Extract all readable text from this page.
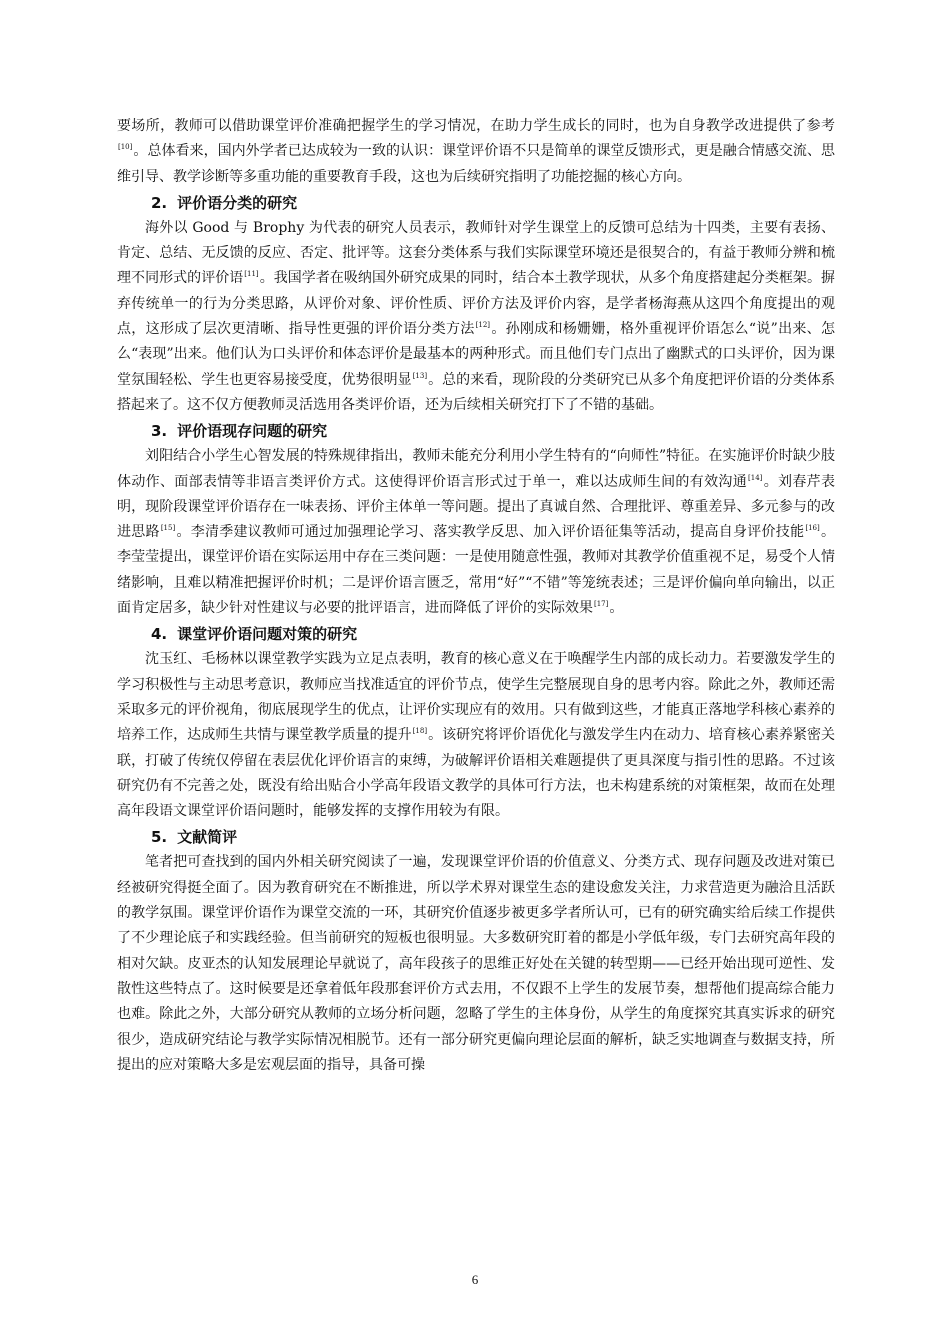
要场所，教师可以借助课堂评价准确把握学生的学习情况，在助力学生成长的同时，也为自身教学改进提供了参考[10]。总体看来，国内外学者已达成较为一致的认识：课堂评价语不只是简单的课堂反馈形式，更是融合情感交流、思维引导、教学诊断等多重功能的重要教育手段，这也为后续研究指明了功能挖掘的核心方向。

2. 评价语分类的研究

海外以 Good 与 Brophy 为代表的研究人员表示，教师针对学生课堂上的反馈可总结为十四类，主要有表扬、肯定、总结、无反馈的反应、否定、批评等。这套分类体系与我们实际课堂环境还是很契合的，有益于教师分辨和梳理不同形式的评价语[11]。我国学者在吸纳国外研究成果的同时，结合本土教学现状，从多个角度搭建起分类框架。摒弃传统单一的行为分类思路，从评价对象、评价性质、评价方法及评价内容，是学者杨海燕从这四个角度提出的观点，这形成了层次更清晰、指导性更强的评价语分类方法[12]。孙刚成和杨姗姗，格外重视评价语怎么“说”出来、怎么“表现”出来。他们认为口头评价和体态评价是最基本的两种形式。而且他们专门点出了幽默式的口头评价，因为课堂氛围轻松、学生也更容易接受度，优势很明显[13]。总的来看，现阶段的分类研究已从多个角度把评价语的分类体系搭起来了。这不仅方便教师灵活选用各类评价语，还为后续相关研究打下了不错的基础。

3. 评价语现存问题的研究

刘阳结合小学生心智发展的特殊规律指出，教师未能充分利用小学生特有的“向师性”特征。在实施评价时缺少肢体动作、面部表情等非语言类评价方式。这使得评价语言形式过于单一，难以达成师生间的有效沟通[14]。刘春芹表明，现阶段课堂评价语存在一味表扬、评价主体单一等问题。提出了真诚自然、合理批评、尊重差异、多元参与的改进思路[15]。李清季建议教师可通过加强理论学习、落实教学反思、加入评价语征集等活动，提高自身评价技能[16]。李莹莹提出，课堂评价语在实际运用中存在三类问题：一是使用随意性强，教师对其教学价值重视不足，易受个人情绪影响，且难以精准把握评价时机；二是评价语言匮乏，常用“好”“不错”等笼统表述；三是评价偏向单向输出，以正面肯定居多，缺少针对性建议与必要的批评语言，进而降低了评价的实际效果[17]。

4. 课堂评价语问题对策的研究

沈玉红、毛杨林以课堂教学实践为立足点表明，教育的核心意义在于唤醒学生内部的成长动力。若要激发学生的学习积极性与主动思考意识，教师应当找准适宜的评价节点，使学生完整展现自身的思考内容。除此之外，教师还需采取多元的评价视角，彻底展现学生的优点，让评价实现应有的效用。只有做到这些，才能真正落地学科核心素养的培养工作，达成师生共情与课堂教学质量的提升[18]。该研究将评价语优化与激发学生内在动力、培育核心素养紧密关联，打破了传统仅停留在表层优化评价语言的束缚，为破解评价语相关难题提供了更具深度与指引性的思路。不过该研究仍有不完善之处，既没有给出贴合小学高年段语文教学的具体可行方法，也未构建系统的对策框架，故而在处理高年段语文课堂评价语问题时，能够发挥的支撑作用较为有限。

5. 文献简评

笔者把可查找到的国内外相关研究阅读了一遍，发现课堂评价语的价值意义、分类方式、现存问题及改进对策已经被研究得挺全面了。因为教育研究在不断推进，所以学术界对课堂生态的建设愈发关注，力求营造更为融洽且活跃的教学氛围。课堂评价语作为课堂交流的一环，其研究价值逐步被更多学者所认可，已有的研究确实给后续工作提供了不少理论底子和实践经验。但当前研究的短板也很明显。大多数研究盯着的都是小学低年级，专门去研究高年段的相对欠缺。皮亚杰的认知发展理论早就说了，高年段孩子的思维正好处在关键的转型期——已经开始出现可逆性、发散性这些特点了。这时候要是还拿着低年段那套评价方式去用，不仅跟不上学生的发展节奏，想帮他们提高综合能力也难。除此之外，大部分研究从教师的立场分析问题，忽略了学生的主体身份，从学生的角度探究其真实诉求的研究很少，造成研究结论与教学实际情况相脱节。还有一部分研究更偏向理论层面的解析，缺乏实地调查与数据支持，所提出的应对策略大多是宏观层面的指导，具备可操

6
